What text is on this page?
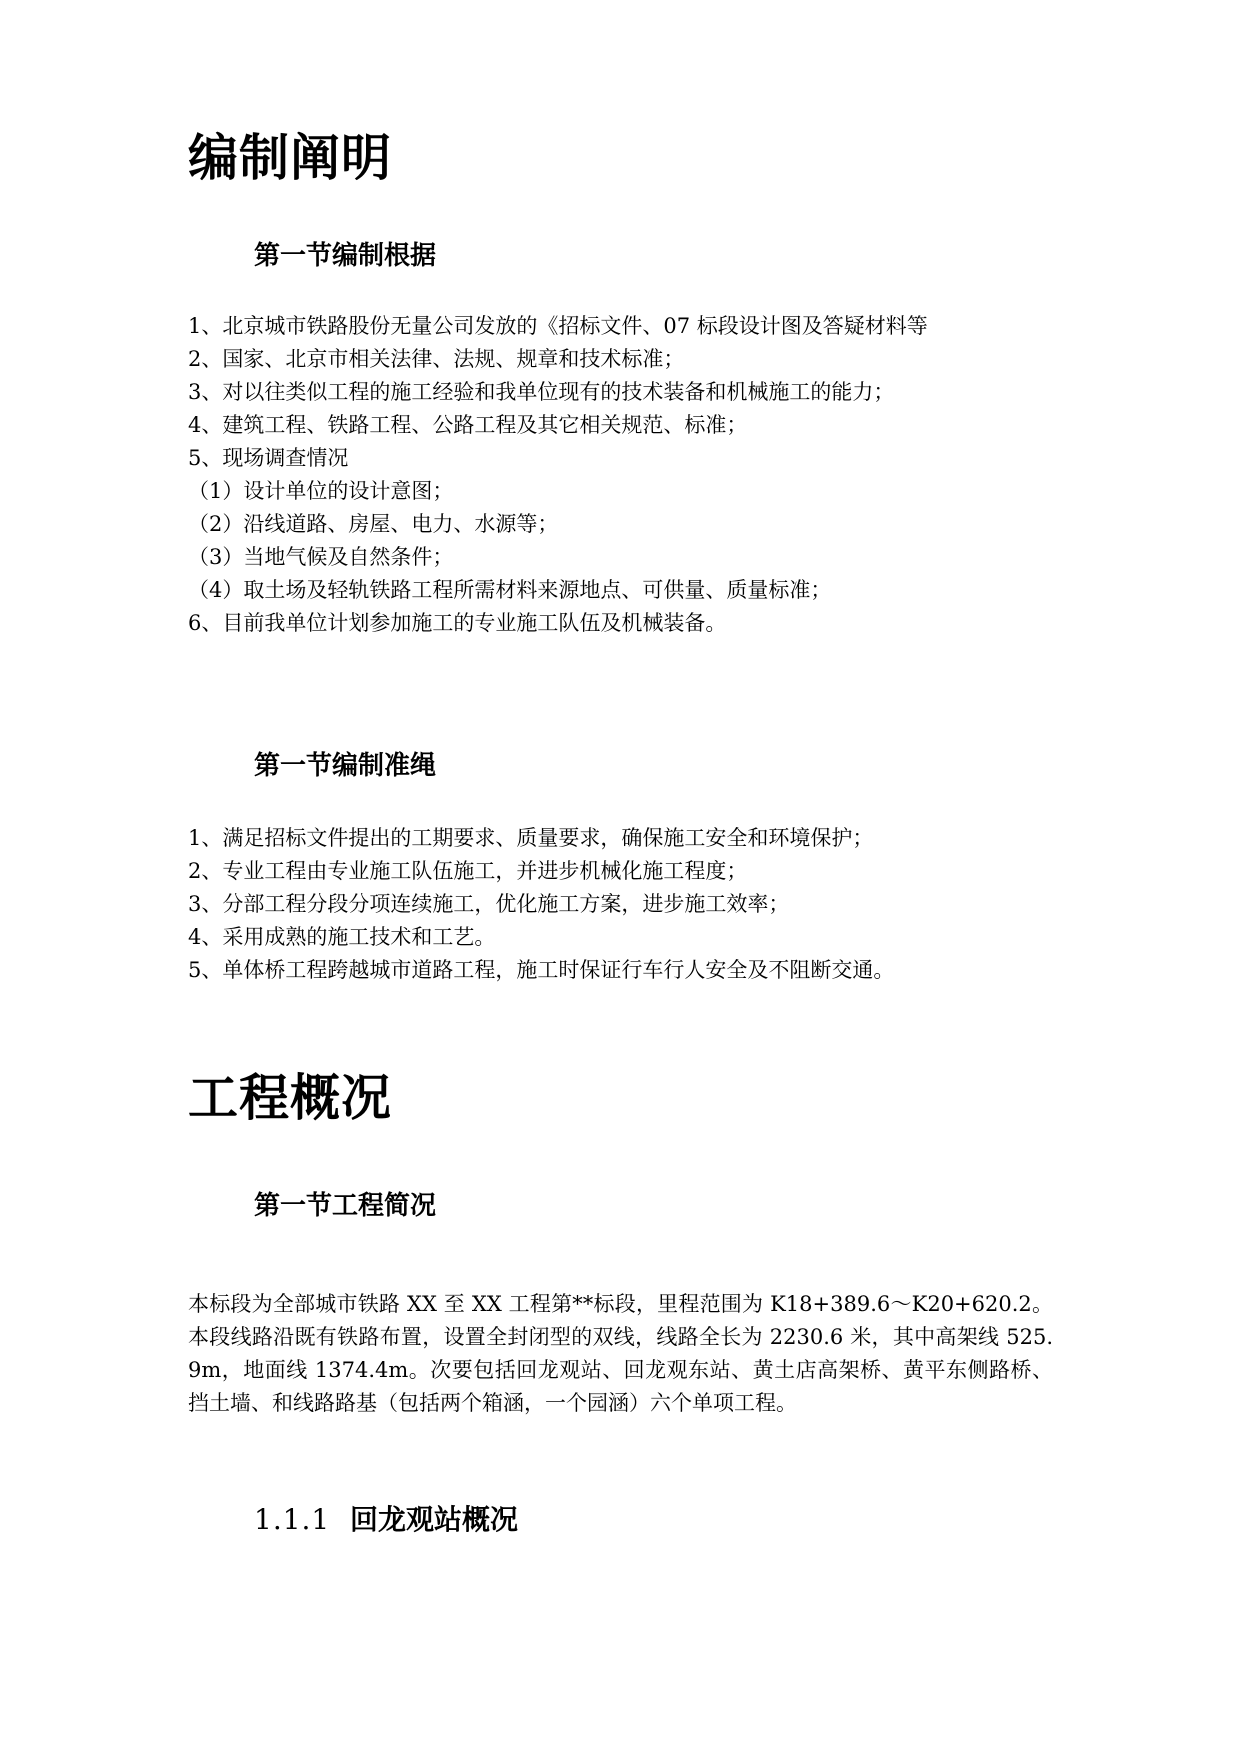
编制阐明
第一节编制根据
1、北京城市铁路股份无量公司发放的《招标文件、07 标段设计图及答疑材料等
2、国家、北京市相关法律、法规、规章和技术标准；
3、对以往类似工程的施工经验和我单位现有的技术装备和机械施工的能力；
4、建筑工程、铁路工程、公路工程及其它相关规范、标准；
5、现场调查情况
（1）设计单位的设计意图；
（2）沿线道路、房屋、电力、水源等；
（3）当地气候及自然条件；
（4）取土场及轻轨铁路工程所需材料来源地点、可供量、质量标准；
6、目前我单位计划参加施工的专业施工队伍及机械装备。
第一节编制准绳
1、满足招标文件提出的工期要求、质量要求，确保施工安全和环境保护；
2、专业工程由专业施工队伍施工，并进步机械化施工程度；
3、分部工程分段分项连续施工，优化施工方案，进步施工效率；
4、采用成熟的施工技术和工艺。
5、单体桥工程跨越城市道路工程，施工时保证行车行人安全及不阻断交通。
工程概况
第一节工程简况

本标段为全部城市铁路 XX 至 XX 工程第**标段，里程范围为 K18+389.6～K20+620.2。本段线路沿既有铁路布置，设置全封闭型的双线，线路全长为 2230.6 米，其中高架线 525.9m，地面线 1374.4m。次要包括回龙观站、回龙观东站、黄土店高架桥、黄平东侧路桥、挡土墙、和线路路基（包括两个箱涵，一个园涵）六个单项工程。

1.1.1 回龙观站概况
